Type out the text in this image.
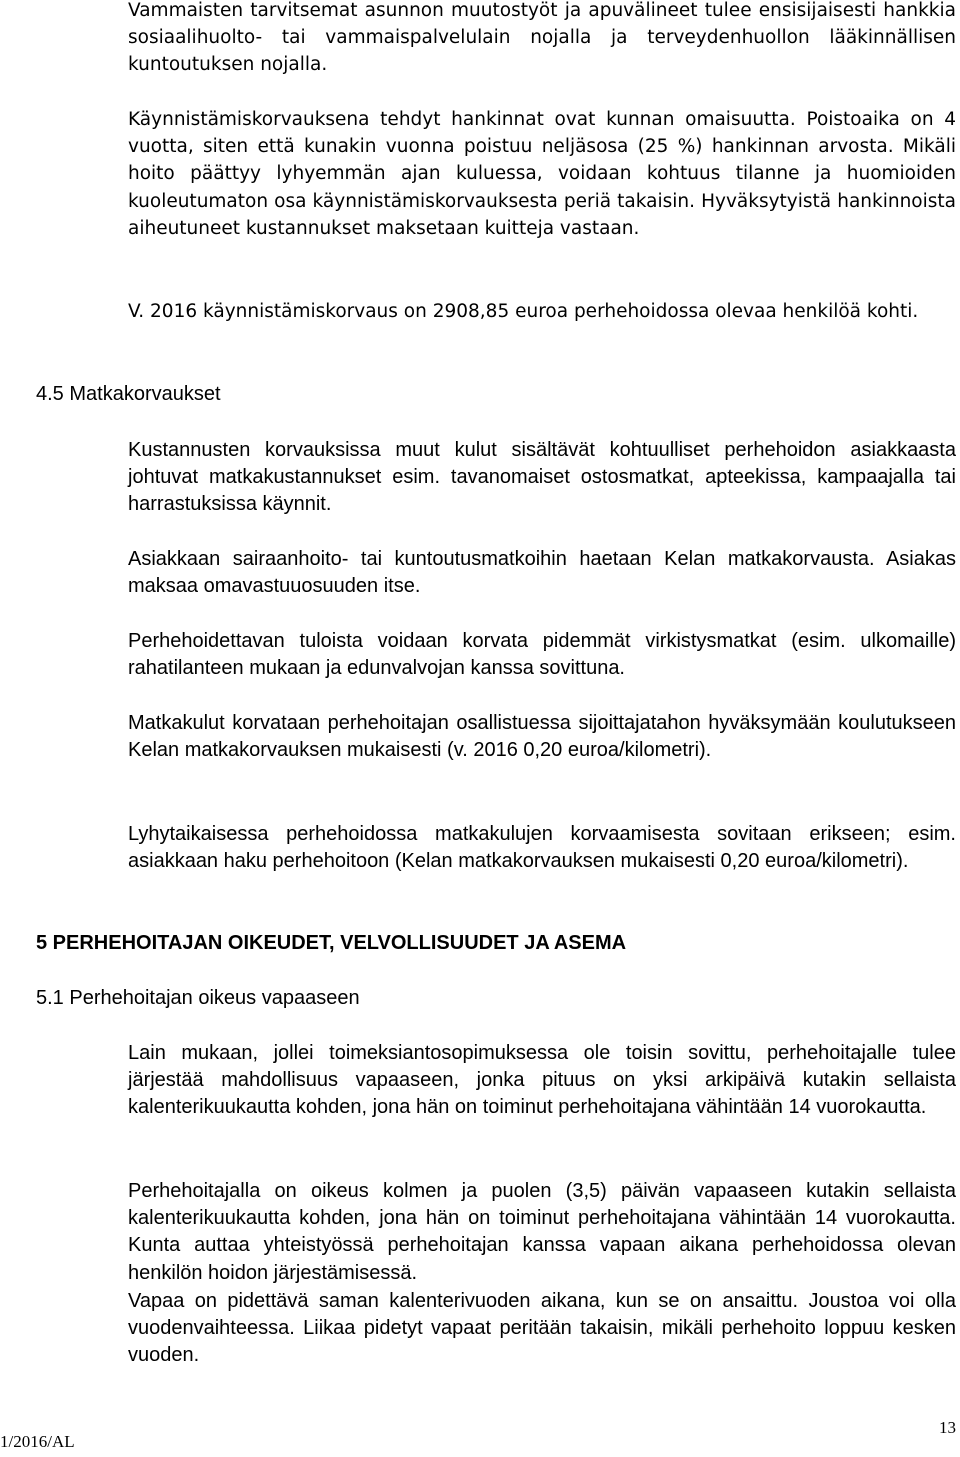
Vammaisten tarvitsemat asunnon muutostyöt ja apuvälineet tulee ensisijaisesti hankkia sosiaalihuolto- tai vammaispalvelulain nojalla ja terveydenhuollon lääkinnällisen kuntoutuksen nojalla.

Käynnistämiskorvauksena tehdyt hankinnat ovat kunnan omaisuutta. Poistoaika on 4 vuotta, siten että kunakin vuonna poistuu neljäsosa (25 %) hankinnan arvosta. Mikäli hoito päättyy lyhyemmän ajan kuluessa, voidaan kohtuus tilanne ja huomioiden kuoleutumaton osa käynnistämiskorvauksesta periä takaisin. Hyväksytyistä hankinnoista aiheutuneet kustannukset maksetaan kuitteja vastaan.

V. 2016 käynnistämiskorvaus on 2908,85 euroa perhehoidossa olevaa henkilöä kohti.

4.5 Matkakorvaukset

Kustannusten korvauksissa muut kulut sisältävät kohtuulliset perhehoidon asiakkaasta johtuvat matkakustannukset esim. tavanomaiset ostosmatkat, apteekissa, kampaajalla tai harrastuksissa käynnit.

Asiakkaan sairaanhoito- tai kuntoutusmatkoihin haetaan Kelan matkakorvausta. Asiakas maksaa omavastuuosuuden itse.

Perhehoidettavan tuloista voidaan korvata pidemmät virkistysmatkat (esim. ulkomaille) rahatilanteen mukaan ja edunvalvojan kanssa sovittuna.

Matkakulut korvataan perhehoitajan osallistuessa sijoittajatahon hyväksymään koulutukseen Kelan matkakorvauksen mukaisesti (v. 2016 0,20 euroa/kilometri).

Lyhytaikaisessa perhehoidossa matkakulujen korvaamisesta sovitaan erikseen; esim. asiakkaan haku perhehoitoon (Kelan matkakorvauksen mukaisesti 0,20 euroa/kilometri).

5 PERHEHOITAJAN OIKEUDET, VELVOLLISUUDET JA ASEMA
5.1 Perhehoitajan oikeus vapaaseen

Lain mukaan, jollei toimeksiantosopimuksessa ole toisin sovittu, perhehoitajalle tulee järjestää mahdollisuus vapaaseen, jonka pituus on yksi arkipäivä kutakin sellaista kalenterikuukautta kohden, jona hän on toiminut perhehoitajana vähintään 14 vuorokautta.

Perhehoitajalla on oikeus kolmen ja puolen (3,5) päivän vapaaseen kutakin sellaista kalenterikuukautta kohden, jona hän on toiminut perhehoitajana vähintään 14 vuorokautta. Kunta auttaa yhteistyössä perhehoitajan kanssa vapaan aikana perhehoidossa olevan henkilön hoidon järjestämisessä.

Vapaa on pidettävä saman kalenterivuoden aikana, kun se on ansaittu. Joustoa voi olla vuodenvaihteessa. Liikaa pidetyt vapaat peritään takaisin, mikäli perhehoito loppuu kesken vuoden.

1/2016/AL
13
